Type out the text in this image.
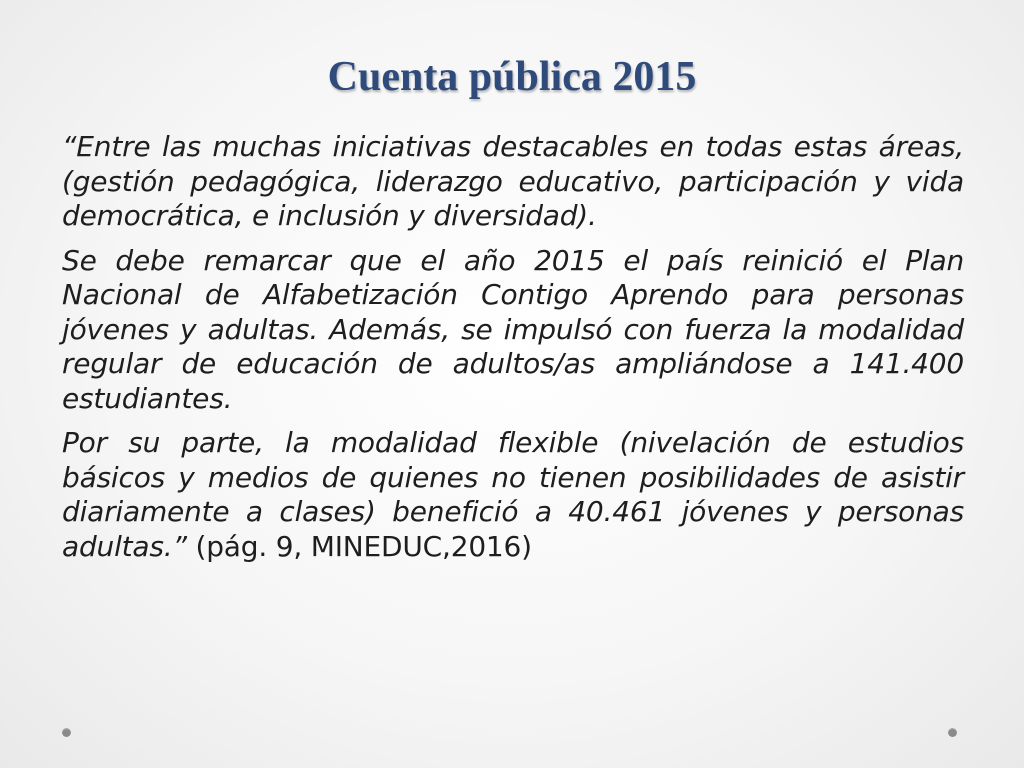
Cuenta pública 2015

“Entre las muchas iniciativas destacables en todas estas áreas, (gestión pedagógica, liderazgo educativo, participación y vida democrática, e inclusión y diversidad).

Se debe remarcar que el año 2015 el país reinició el Plan Nacional de Alfabetización Contigo Aprendo para personas jóvenes y adultas. Además, se impulsó con fuerza la modalidad regular de educación de adultos/as ampliándose a 141.400 estudiantes.

Por su parte, la modalidad flexible (nivelación de estudios básicos y medios de quienes no tienen posibilidades de asistir diariamente a clases) benefició a 40.461 jóvenes y personas adultas.” (pág. 9, MINEDUC,2016)
